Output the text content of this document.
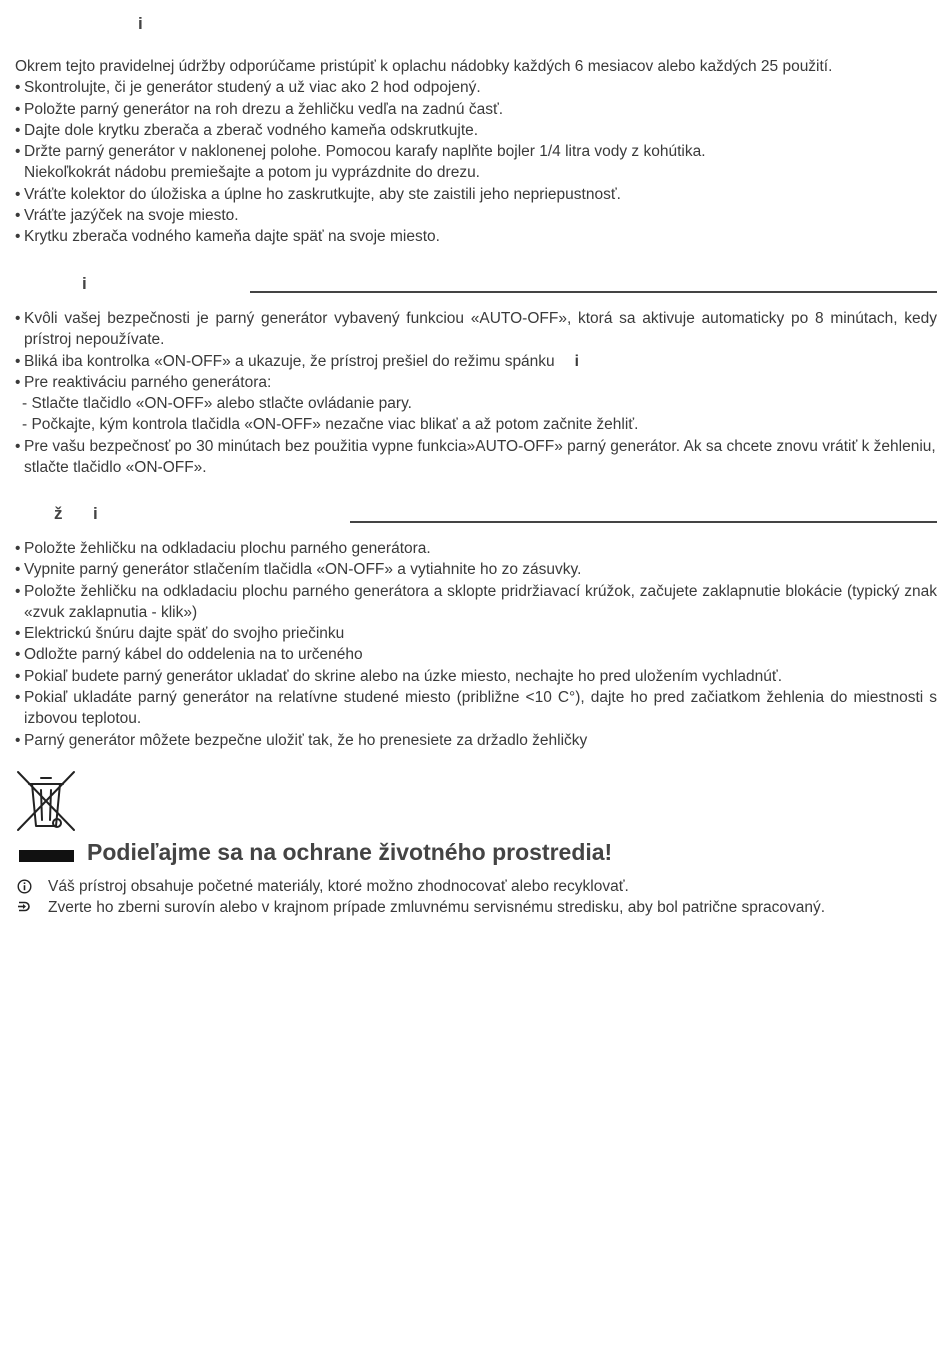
i

Okrem tejto pravidelnej údržby odporúčame pristúpiť k oplachu nádobky každých 6 mesiacov alebo každých 25 použití.

• Skontrolujte, či je generátor studený a už viac ako 2 hod odpojený.
• Položte parný generátor na roh drezu a žehličku vedľa na zadnú časť.
• Dajte dole krytku zberača a zberač vodného kameňa odskrutkujte.
• Držte parný generátor v naklonenej polohe. Pomocou karafy naplňte bojler 1/4 litra vody z kohútika.
Niekoľkokrát nádobu premiešajte a potom ju vyprázdnite do drezu.
• Vráťte kolektor do úložiska a úplne ho zaskrutkujte, aby ste zaistili jeho nepriepustnosť.
• Vráťte jazýček na svoje miesto.
• Krytku zberača vodného kameňa dajte späť na svoje miesto.
i
• Kvôli vašej bezpečnosti je parný generátor vybavený funkciou «AUTO-OFF», ktorá sa aktivuje automaticky po 8 minútach, kedy prístroj nepoužívate.
• Bliká iba kontrolka «ON-OFF» a ukazuje, že prístroj prešiel do režimu spánku i
• Pre reaktiváciu parného generátora:
- Stlačte tlačidlo «ON-OFF» alebo stlačte ovládanie pary.
- Počkajte, kým kontrola tlačidla «ON-OFF» nezačne viac blikať a až potom začnite žehliť.
• Pre vašu bezpečnosť po 30 minútach bez použitia vypne funkcia»AUTO-OFF» parný generátor. Ak sa chcete znovu vrátiť k žehleniu, stlačte tlačidlo «ON-OFF».
ž i
• Položte žehličku na odkladaciu plochu parného generátora.
• Vypnite parný generátor stlačením tlačidla «ON-OFF» a vytiahnite ho zo zásuvky.
• Položte žehličku na odkladaciu plochu parného generátora a sklopte pridržiavací krúžok, začujete zaklapnutie blokácie (typický znak «zvuk zaklapnutia - klik»)
• Elektrickú šnúru dajte späť do svojho priečinku
• Odložte parný kábel do oddelenia na to určeného
• Pokiaľ budete parný generátor ukladať do skrine alebo na úzke miesto, nechajte ho pred uložením vychladnúť.
• Pokiaľ ukladáte parný generátor na relatívne studené miesto (približne <10 C°), dajte ho pred začiatkom žehlenia do miestnosti s izbovou teplotou.
• Parný generátor môžete bezpečne uložiť tak, že ho prenesiete za držadlo žehličky
Podieľajme sa na ochrane životného prostredia!
Váš prístroj obsahuje početné materiály, ktoré možno zhodnocovať alebo recyklovať.
Zverte ho zberni surovín alebo v krajnom prípade zmluvnému servisnému stredisku, aby bol patrične spracovaný.
